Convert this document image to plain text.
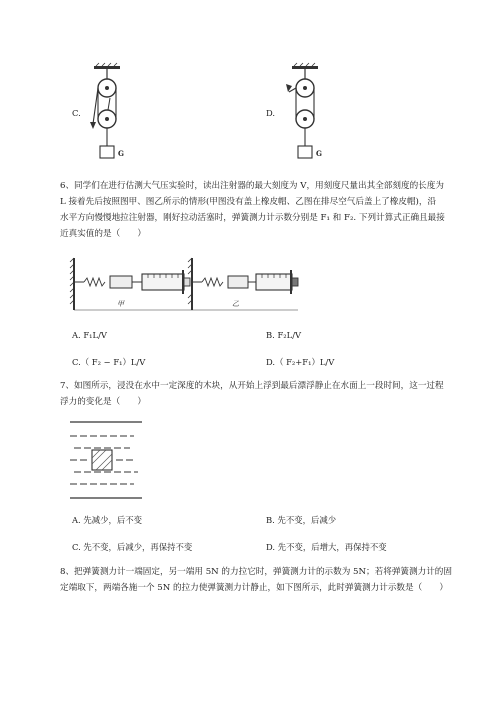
C.
G
D.
G
6、同学们在进行估测大气压实验时，读出注射器的最大刻度为 V，用刻度尺量出其全部刻度的长度为
L 接着先后按照图甲、图乙所示的情形(甲图没有盖上橡皮帽、乙图在排尽空气后盖上了橡皮帽)，沿
水平方向慢慢地拉注射器，刚好拉动活塞时，弹簧测力计示数分别是 F₁ 和 F₂. 下列计算式正确且最接
近真实值的是（　　）
甲	乙
A. F₁L/V	B. F₂L/V
C.（ F₂ − F₁）L/V	D.（ F₂+F₁）L/V
7、如图所示，浸没在水中一定深度的木块，从开始上浮到最后漂浮静止在水面上一段时间，这一过程
浮力的变化是（　　）
A. 先减少，后不变	B. 先不变，后减少
C. 先不变，后减少，再保持不变	D. 先不变，后增大，再保持不变
8、把弹簧测力计一端固定，另一端用 5N 的力拉它时，弹簧测力计的示数为 5N；若将弹簧测力计的固
定端取下，两端各施一个 5N 的拉力使弹簧测力计静止，如下图所示，此时弹簧测力计示数是（　　）
